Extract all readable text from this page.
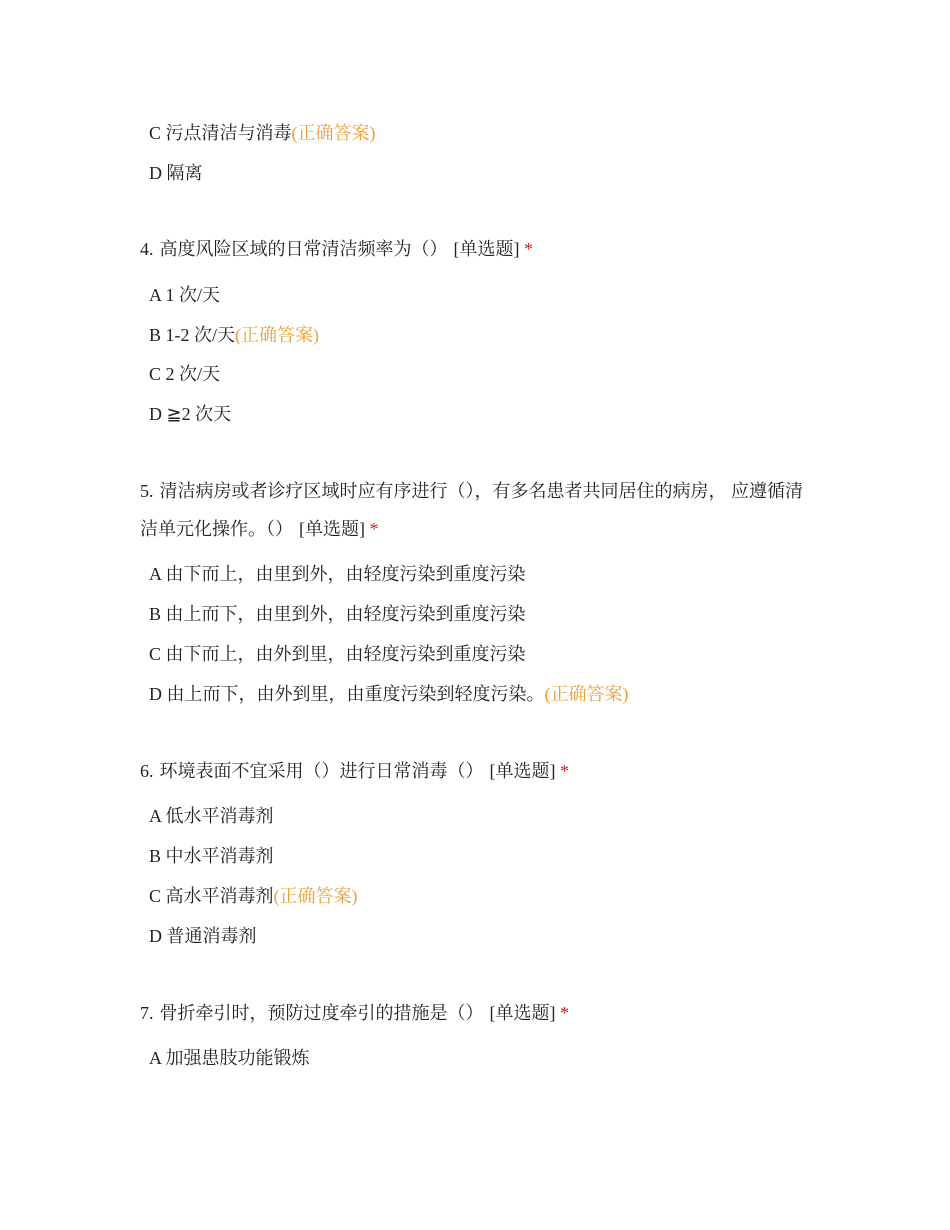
C 污点清洁与消毒(正确答案)
D 隔离
4. 高度风险区域的日常清洁频率为（） [单选题] *
A 1 次/天
B 1-2 次/天(正确答案)
C 2 次/天
D ≧2 次天
5. 清洁病房或者诊疗区域时应有序进行（），有多名患者共同居住的病房， 应遵循清洁单元化操作。（） [单选题] *
A 由下而上，由里到外，由轻度污染到重度污染
B 由上而下，由里到外，由轻度污染到重度污染
C 由下而上，由外到里，由轻度污染到重度污染
D 由上而下，由外到里，由重度污染到轻度污染。(正确答案)
6. 环境表面不宜采用（）进行日常消毒（） [单选题] *
A 低水平消毒剂
B 中水平消毒剂
C 高水平消毒剂(正确答案)
D 普通消毒剂
7. 骨折牵引时，预防过度牵引的措施是（） [单选题] *
A 加强患肢功能锻炼
